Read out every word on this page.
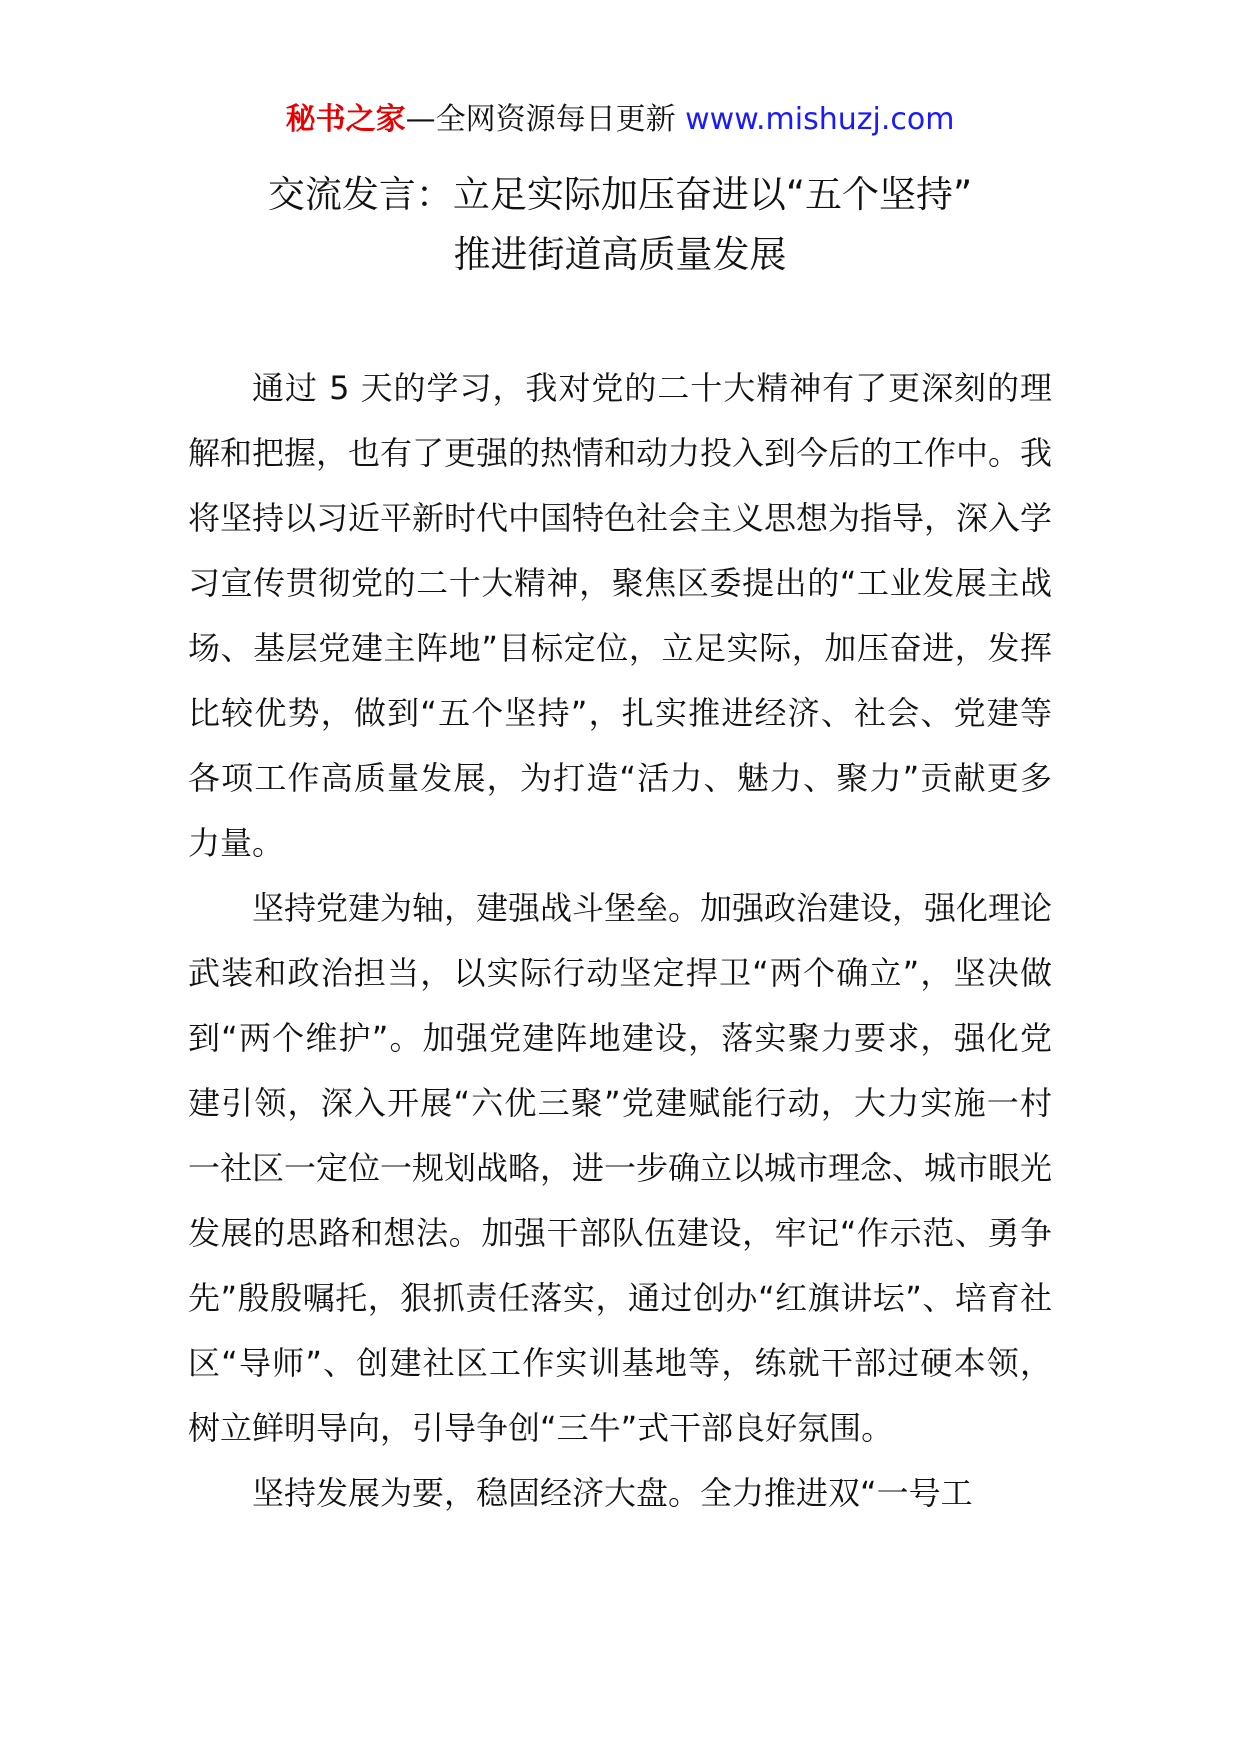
秘书之家—全网资源每日更新 www.mishuzj.com
交流发言：立足实际加压奋进以“五个坚持”
推进街道高质量发展

通过 5 天的学习，我对党的二十大精神有了更深刻的理解和把握，也有了更强的热情和动力投入到今后的工作中。我将坚持以习近平新时代中国特色社会主义思想为指导，深入学习宣传贯彻党的二十大精神，聚焦区委提出的“工业发展主战场、基层党建主阵地”目标定位，立足实际，加压奋进，发挥比较优势，做到“五个坚持”，扎实推进经济、社会、党建等各项工作高质量发展，为打造“活力、魅力、聚力”贡献更多力量。

坚持党建为轴，建强战斗堡垒。加强政治建设，强化理论武装和政治担当，以实际行动坚定捍卫“两个确立”，坚决做到“两个维护”。加强党建阵地建设，落实聚力要求，强化党建引领，深入开展“六优三聚”党建赋能行动，大力实施一村一社区一定位一规划战略，进一步确立以城市理念、城市眼光发展的思路和想法。加强干部队伍建设，牢记“作示范、勇争先”殷殷嘱托，狠抓责任落实，通过创办“红旗讲坛”、培育社区“导师”、创建社区工作实训基地等，练就干部过硬本领，树立鲜明导向，引导争创“三牛”式干部良好氛围。

坚持发展为要，稳固经济大盘。全力推进双“一号工
